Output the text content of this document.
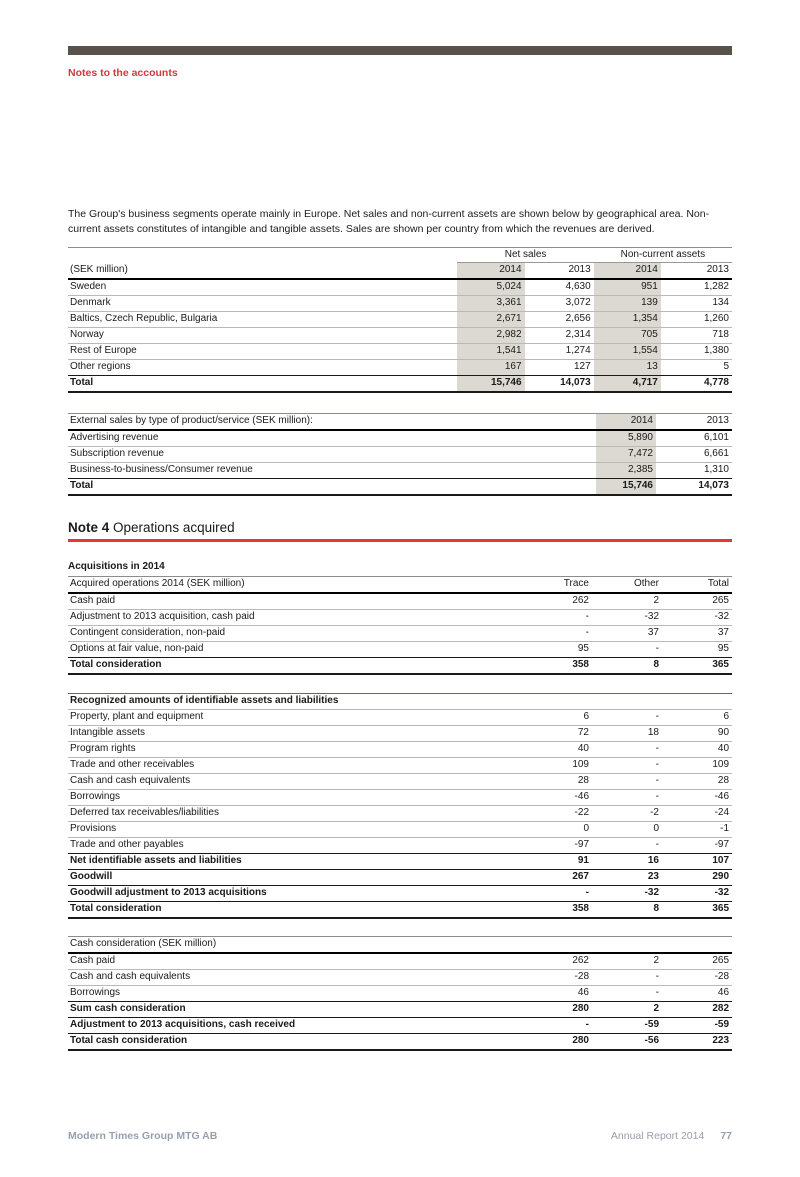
Notes to the accounts

The Group's business segments operate mainly in Europe. Net sales and non-current assets are shown below by geographical area. Non-current assets constitutes of intangible and tangible assets. Sales are shown per country from which the revenues are derived.

	Net sales		Non-current assets	
(SEK million)	2014	2013	2014	2013
Sweden	5,024	4,630	951	1,282
Denmark	3,361	3,072	139	134
Baltics, Czech Republic, Bulgaria	2,671	2,656	1,354	1,260
Norway	2,982	2,314	705	718
Rest of Europe	1,541	1,274	1,554	1,380
Other regions	167	127	13	5
Total	15,746	14,073	4,717	4,778
External sales by type of product/service (SEK million):	2014	2013
Advertising revenue	5,890	6,101
Subscription revenue	7,472	6,661
Business-to-business/Consumer revenue	2,385	1,310
Total	15,746	14,073
Note 4 Operations acquired
Acquisitions in 2014
Acquired operations 2014 (SEK million)	Trace	Other	Total
Cash paid	262	2	265
Adjustment to 2013 acquisition, cash paid	-	-32	-32
Contingent consideration, non-paid	-	37	37
Options at fair value, non-paid	95	-	95
Total consideration	358	8	365
Recognized amounts of identifiable assets and liabilities			
Property, plant and equipment	6	-	6
Intangible assets	72	18	90
Program rights	40	-	40
Trade and other receivables	109	-	109
Cash and cash equivalents	28	-	28
Borrowings	-46	-	-46
Deferred tax receivables/liabilities	-22	-2	-24
Provisions	0	0	-1
Trade and other payables	-97	-	-97
Net identifiable assets and liabilities	91	16	107
Goodwill	267	23	290
Goodwill adjustment to 2013 acquisitions	-	-32	-32
Total consideration	358	8	365
Cash consideration (SEK million)			
Cash paid	262	2	265
Cash and cash equivalents	-28	-	-28
Borrowings	46	-	46
Sum cash consideration	280	2	282
Adjustment to 2013 acquisitions, cash received	-	-59	-59
Total cash consideration	280	-56	223
Modern Times Group MTG AB	Annual Report 2014 77
